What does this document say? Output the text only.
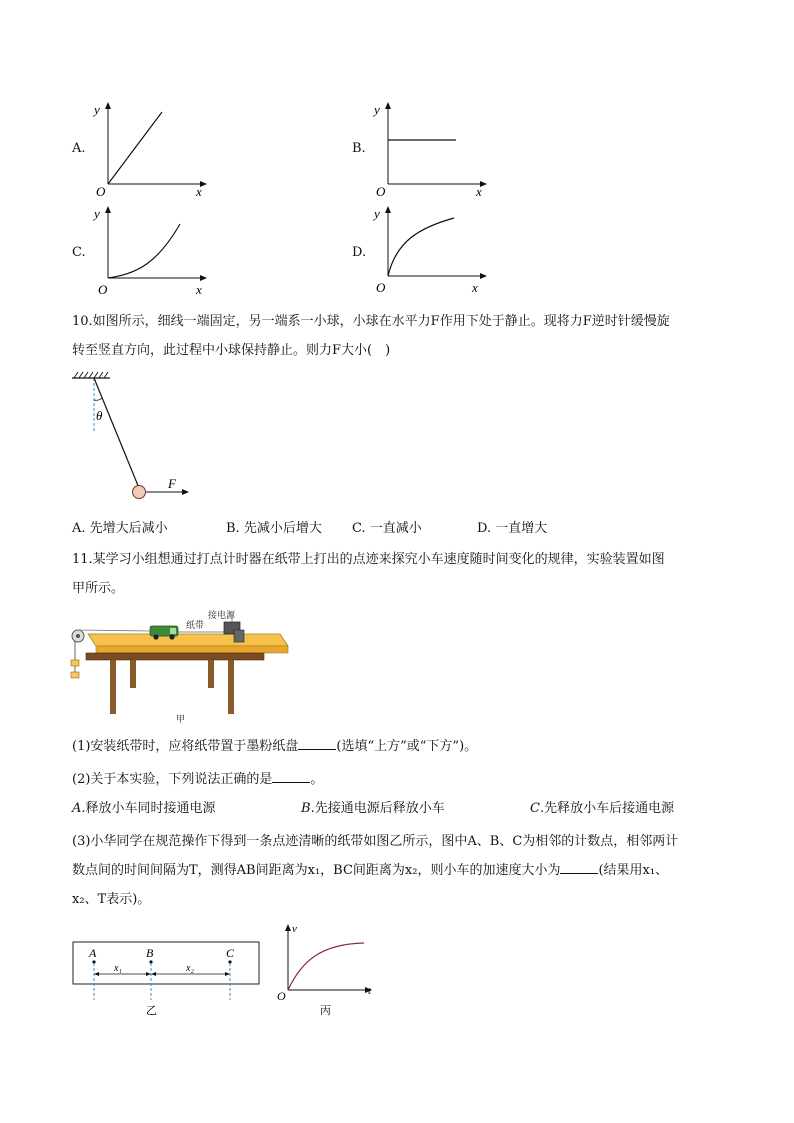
A.	B.
C.	D.
y
x
O
y
x
O
y
x
O
y
x
O
10.如图所示，细线一端固定，另一端系一小球，小球在水平力F作用下处于静止。现将力F逆时针缓慢旋
转至竖直方向，此过程中小球保持静止。则力F大小(　)
θ
F
A. 先增大后减小	B. 先减小后增大 C. 一直减小	D. 一直增大
11.某学习小组想通过打点计时器在纸带上打出的点迹来探究小车速度随时间变化的规律，实验装置如图
甲所示。
接电源
纸带
甲
(1)安装纸带时，应将纸带置于墨粉纸盘	(选填“上方”或“下方”)。
(2)关于本实验，下列说法正确的是	。
A.释放小车同时接通电源	B.先接通电源后释放小车	C.先释放小车后接通电源
(3)小华同学在规范操作下得到一条点迹清晰的纸带如图乙所示，图中A、B、C为相邻的计数点，相邻两计
数点间的时间间隔为T，测得AB间距离为x₁，BC间距离为x₂，则小车的加速度大小为	(结果用x₁、
x₂、T表示)。
A	B	C
x₁	x₂
乙
v
t
O
丙
